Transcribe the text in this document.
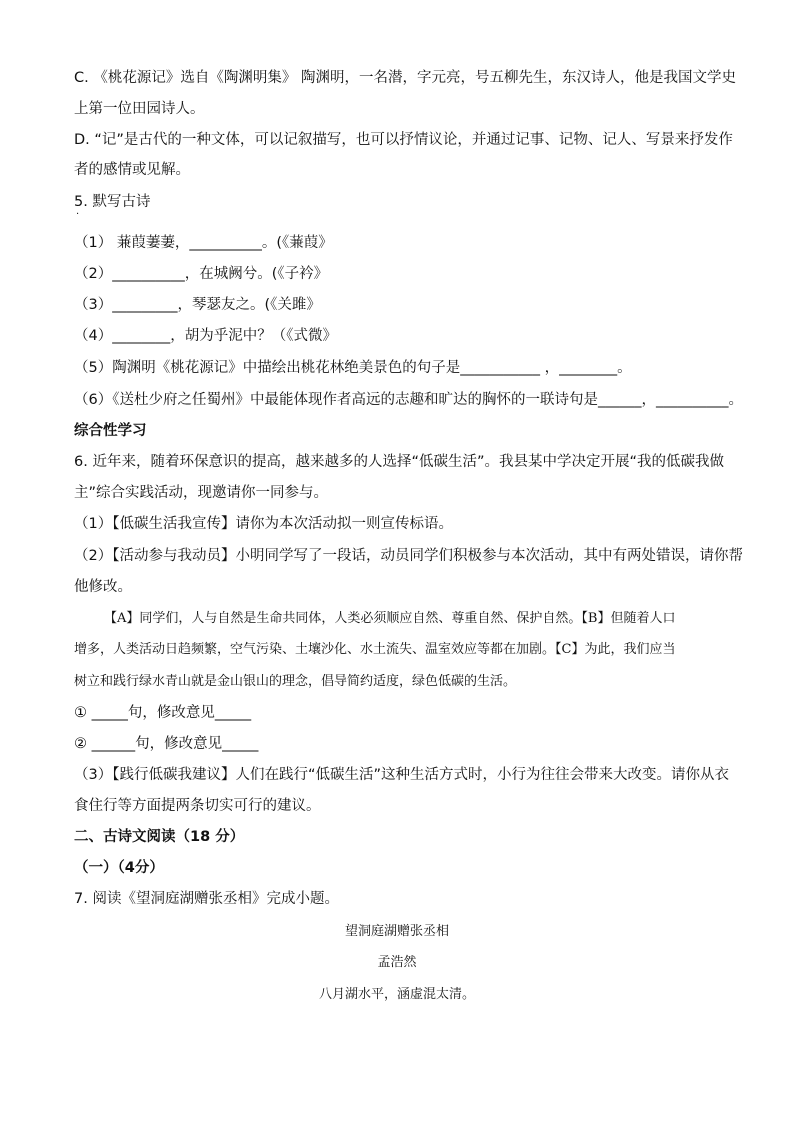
C. 《桃花源记》选自《陶渊明集》 陶渊明，一名潜，字元亮，号五柳先生，东汉诗人，他是我国文学史
上第一位田园诗人。
D. “记”是古代的一种文体，可以记叙描写，也可以抒情议论，并通过记事、记物、记人、写景来抒发作
者的感情或见解。
5. 默写古诗
·
（1） 蒹葭萋萋，__________。(《蒹葭》
（2）__________，在城阙兮。(《子衿》
（3）_________，琴瑟友之。(《关雎》
（4）________，胡为乎泥中？（《式微》
（5）陶渊明《桃花源记》中描绘出桃花林绝美景色的句子是___________ ，________。
（6）《送杜少府之任蜀州》中最能体现作者高远的志趣和旷达的胸怀的一联诗句是______，__________。
综合性学习
6. 近年来，随着环保意识的提高，越来越多的人选择“低碳生活”。我县某中学决定开展“我的低碳我做
主”综合实践活动，现邀请你一同参与。
（1）【低碳生活我宣传】请你为本次活动拟一则宣传标语。
（2）【活动参与我动员】小明同学写了一段话，动员同学们积极参与本次活动，其中有两处错误，请你帮
他修改。
【A】同学们，人与自然是生命共同体，人类必须顺应自然、尊重自然、保护自然。【B】但随着人口
增多，人类活动日趋频繁，空气污染、土壤沙化、水土流失、温室效应等都在加剧。【C】为此，我们应当
树立和践行绿水青山就是金山银山的理念，倡导简约适度，绿色低碳的生活。
① _____句，修改意见_____
② ______句，修改意见_____
（3）【践行低碳我建议】人们在践行“低碳生活”这种生活方式时，小行为往往会带来大改变。请你从衣
食住行等方面提两条切实可行的建议。
二、古诗文阅读（18 分）
（一）（4分）
7. 阅读《望洞庭湖赠张丞相》完成小题。
望洞庭湖赠张丞相
孟浩然
八月湖水平，涵虚混太清。
